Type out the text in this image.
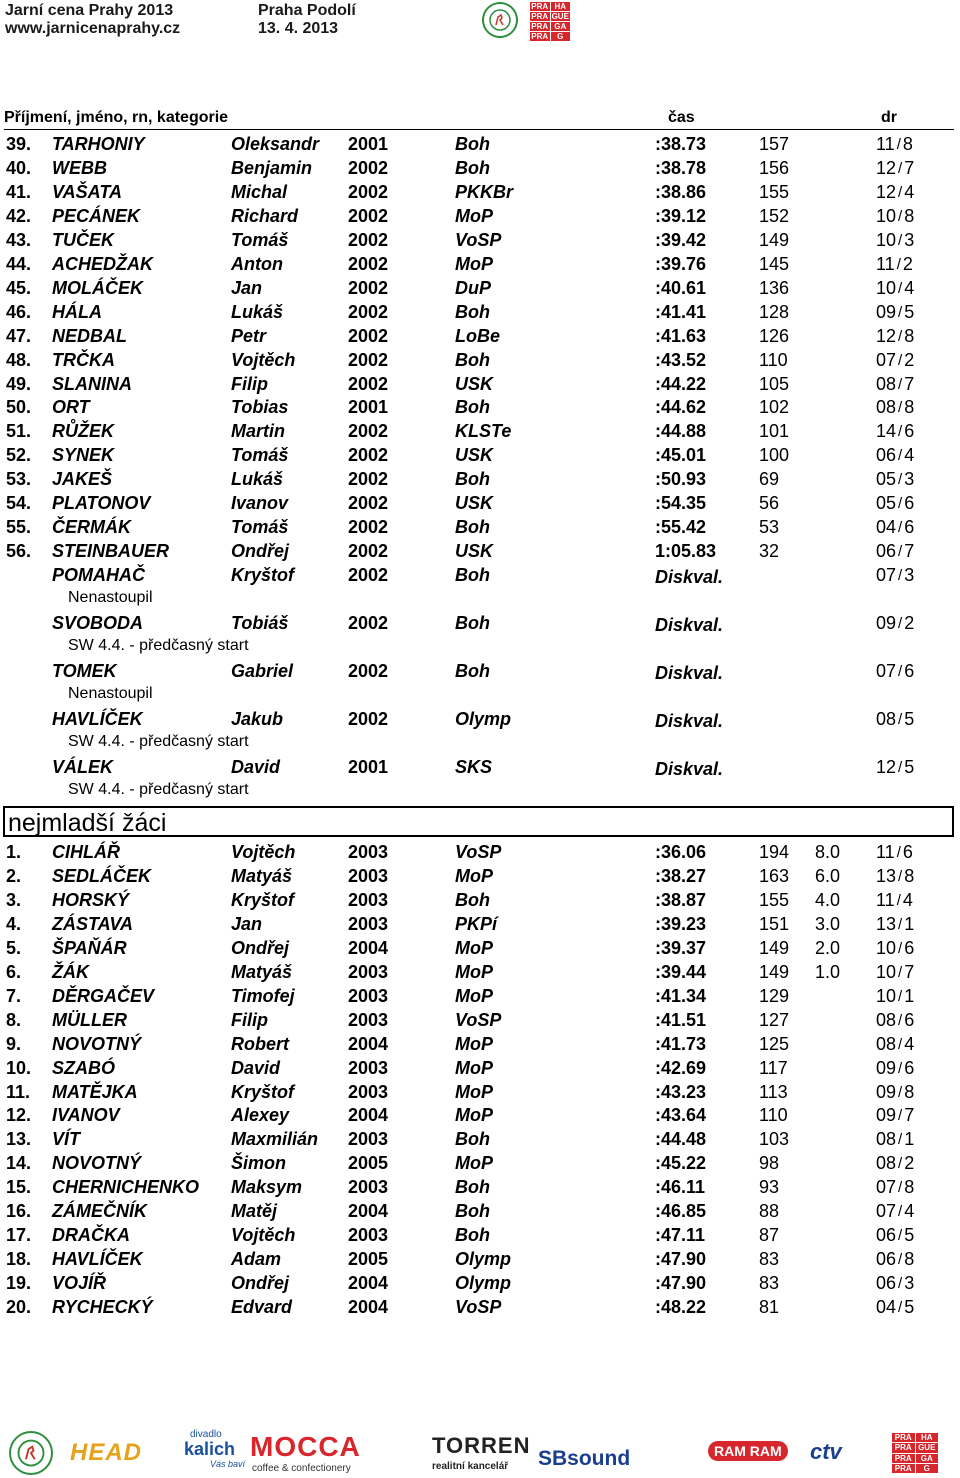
Jarní cena Prahy 2013
www.jarnicenaprahy.cz
Praha Podolí
13. 4. 2013
PRA HA
PRA GUE
PRA GA
PRA	G
Příjmení, jméno, rn, kategorie	čas	dr
39. TARHONIY	Oleksandr 2001	Boh	:38.73	157	11 / 8
40. WEBB	Benjamin 2002	Boh	:38.78	156	12 / 7
41. VAŠATA	Michal	2002	PKKBr	:38.86	155	12 / 4
42. PECÁNEK	Richard	2002	MoP	:39.12	152	10 / 8
43. TUČEK	Tomáš	2002	VoSP	:39.42	149	10 / 3
44. ACHEDŽAK	Anton	2002	MoP	:39.76	145	11 / 2
45. MOLÁČEK	Jan	2002	DuP	:40.61	136	10 / 4
46. HÁLA	Lukáš	2002	Boh	:41.41	128	09 / 5
47. NEDBAL	Petr	2002	LoBe	:41.63	126	12 / 8
48. TRČKA	Vojtěch	2002	Boh	:43.52	110	07 / 2
49. SLANINA	Filip	2002	USK	:44.22	105	08 / 7
50. ORT	Tobias	2001	Boh	:44.62	102	08 / 8
51. RŮŽEK	Martin	2002	KLSTe	:44.88	101	14 / 6
52. SYNEK	Tomáš	2002	USK	:45.01	100	06 / 4
53. JAKEŠ	Lukáš	2002	Boh	:50.93	69	05 / 3
54. PLATONOV	Ivanov	2002	USK	:54.35	56	05 / 6
55. ČERMÁK	Tomáš	2002	Boh	:55.42	53	04 / 6
56. STEINBAUER	Ondřej	2002	USK	1:05.83 32	06 / 7
POMAHAČ	Kryštof	2002	Boh	Diskval.	07 / 3
Nenastoupil
SVOBODA	Tobiáš	2002	Boh	Diskval.	09 / 2
SW 4.4. - předčasný start
TOMEK	Gabriel	2002	Boh	Diskval.	07 / 6
Nenastoupil
HAVLÍČEK	Jakub	2002	Olymp	Diskval.	08 / 5
SW 4.4. - předčasný start
VÁLEK	David	2001	SKS	Diskval.	12 / 5
SW 4.4. - předčasný start
1. CIHLÁŘ	Vojtěch	2003	VoSP	:36.06	194 8.0 11 / 6
2. SEDLÁČEK	Matyáš	2003	MoP	:38.27	163 6.0 13 / 8
3. HORSKÝ	Kryštof	2003	Boh	:38.87	155 4.0 11 / 4
4. ZÁSTAVA	Jan	2003	PKPí	:39.23	151 3.0 13 / 1
5. ŠPAŇÁR	Ondřej	2004	MoP	:39.37	149 2.0 10 / 6
6. ŽÁK	Matyáš	2003	MoP	:39.44	149 1.0 10 / 7
7. DĚRGAČEV	Timofej	2003	MoP	:41.34	129	10 / 1
8. MÜLLER	Filip	2003	VoSP	:41.51	127	08 / 6
9. NOVOTNÝ	Robert	2004	MoP	:41.73	125	08 / 4
10. SZABÓ	David	2003	MoP	:42.69	117	09 / 6
11. MATĚJKA	Kryštof	2003	MoP	:43.23	113	09 / 8
12. IVANOV	Alexey	2004	MoP	:43.64	110	09 / 7
13. VÍT	Maxmilián 2003	Boh	:44.48	103	08 / 1
14. NOVOTNÝ	Šimon	2005	MoP	:45.22	98	08 / 2
15. CHERNICHENKO Maksym	2003	Boh	:46.11	93	07 / 8
16. ZÁMEČNÍK	Matěj	2004	Boh	:46.85	88	07 / 4
17. DRAČKA	Vojtěch	2003	Boh	:47.11	87	06 / 5
18. HAVLÍČEK	Adam	2005	Olymp	:47.90	83	06 / 8
19. VOJÍŘ	Ondřej	2004	Olymp	:47.90	83	06 / 3
20. RYCHECKÝ	Edvard	2004	VoSP	:48.22	81	04 / 5
nejmladší žáci
HEAD
divadlo
kalich
Vás baví
MOCCA
coffee & confectionery
TORREN
realitní kancelář SBsound	RAM RAM ctv
PRA	HA
PRA GUE
PRA	GA
PRA	G
